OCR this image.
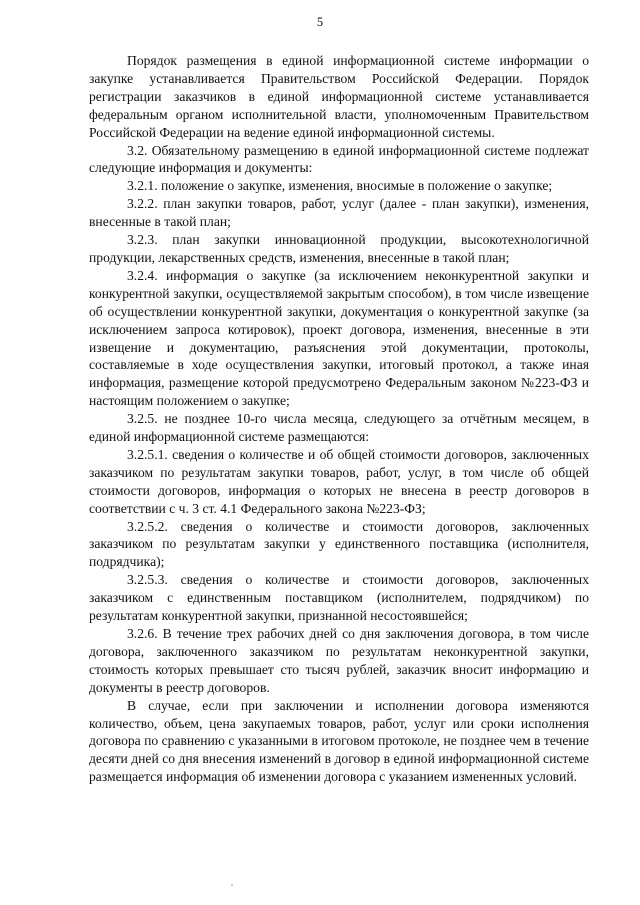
5

Порядок размещения в единой информационной системе информации о закупке устанавливается Правительством Российской Федерации. Порядок регистрации заказчиков в единой информационной системе устанавливается федеральным органом исполнительной власти, уполномоченным Правительством Российской Федерации на ведение единой информационной системы.

3.2. Обязательному размещению в единой информационной системе подлежат следующие информация и документы:

3.2.1. положение о закупке, изменения, вносимые в положение о закупке;

3.2.2. план закупки товаров, работ, услуг (далее - план закупки), изменения, внесенные в такой план;

3.2.3. план закупки инновационной продукции, высокотехнологичной продукции, лекарственных средств, изменения, внесенные в такой план;

3.2.4. информация о закупке (за исключением неконкурентной закупки и конкурентной закупки, осуществляемой закрытым способом), в том числе извещение об осуществлении конкурентной закупки, документация о конкурентной закупке (за исключением запроса котировок), проект договора, изменения, внесенные в эти извещение и документацию, разъяснения этой документации, протоколы, составляемые в ходе осуществления закупки, итоговый протокол, а также иная информация, размещение которой предусмотрено Федеральным законом №223-ФЗ и настоящим положением о закупке;

3.2.5. не позднее 10-го числа месяца, следующего за отчётным месяцем, в единой информационной системе размещаются:

3.2.5.1. сведения о количестве и об общей стоимости договоров, заключенных заказчиком по результатам закупки товаров, работ, услуг, в том числе об общей стоимости договоров, информация о которых не внесена в реестр договоров в соответствии с ч. 3 ст. 4.1 Федерального закона №223-ФЗ;

3.2.5.2. сведения о количестве и стоимости договоров, заключенных заказчиком по результатам закупки у единственного поставщика (исполнителя, подрядчика);

3.2.5.3. сведения о количестве и стоимости договоров, заключенных заказчиком с единственным поставщиком (исполнителем, подрядчиком) по результатам конкурентной закупки, признанной несостоявшейся;

3.2.6. В течение трех рабочих дней со дня заключения договора, в том числе договора, заключенного заказчиком по результатам неконкурентной закупки, стоимость которых превышает сто тысяч рублей, заказчик вносит информацию и документы в реестр договоров.

В случае, если при заключении и исполнении договора изменяются количество, объем, цена закупаемых товаров, работ, услуг или сроки исполнения договора по сравнению с указанными в итоговом протоколе, не позднее чем в течение десяти дней со дня внесения изменений в договор в единой информационной системе размещается информация об изменении договора с указанием измененных условий.
